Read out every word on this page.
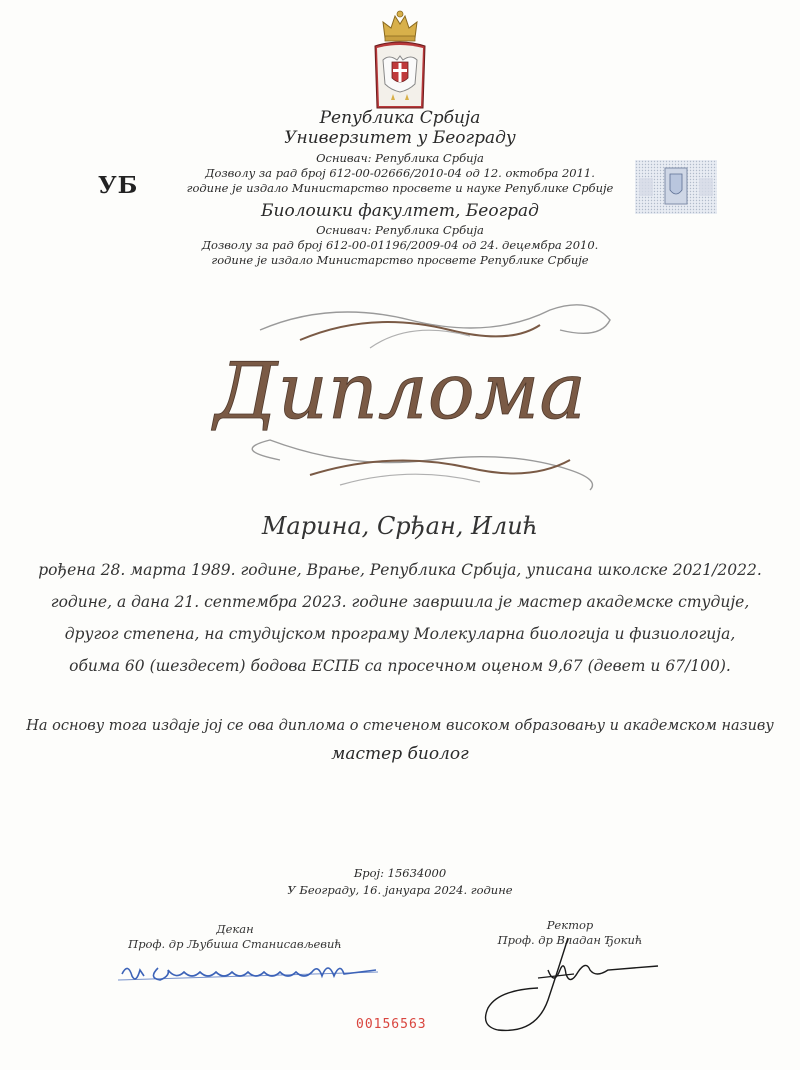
УБ
Република Србија
Универзитет у Београду
Оснивач: Република Србија
Дозволу за рад број 612-00-02666/2010-04 од 12. октобра 2011.
године је издало Министарство просвете и науке Републике Србије
Биолошки факултет, Београд
Оснивач: Република Србија
Дозволу за рад број 612-00-01196/2009-04 од 24. децембра 2010.
године је издало Министарство просвете Републике Србије
Диплома
Марина, Срђан, Илић
рођена 28. марта 1989. године, Врање, Република Србија, уписана школске 2021/2022.
године, а дана 21. септембра 2023. године завршила је мастер академске студије,
другог степена, на студијском програму Молекуларна биологија и физиологија,
обима 60 (шездесет) бодова ЕСПБ са просечном оценом 9,67 (девет и 67/100).
На основу тога издаје јој се ова диплома о стеченом високом образовању и академском називу
мастер биолог
Број: 15634000
У Београду, 16. јануара 2024. године
Декан
Проф. др Љубиша Станисављевић
Ректор
Проф. др Владан Ђокић
00156563
